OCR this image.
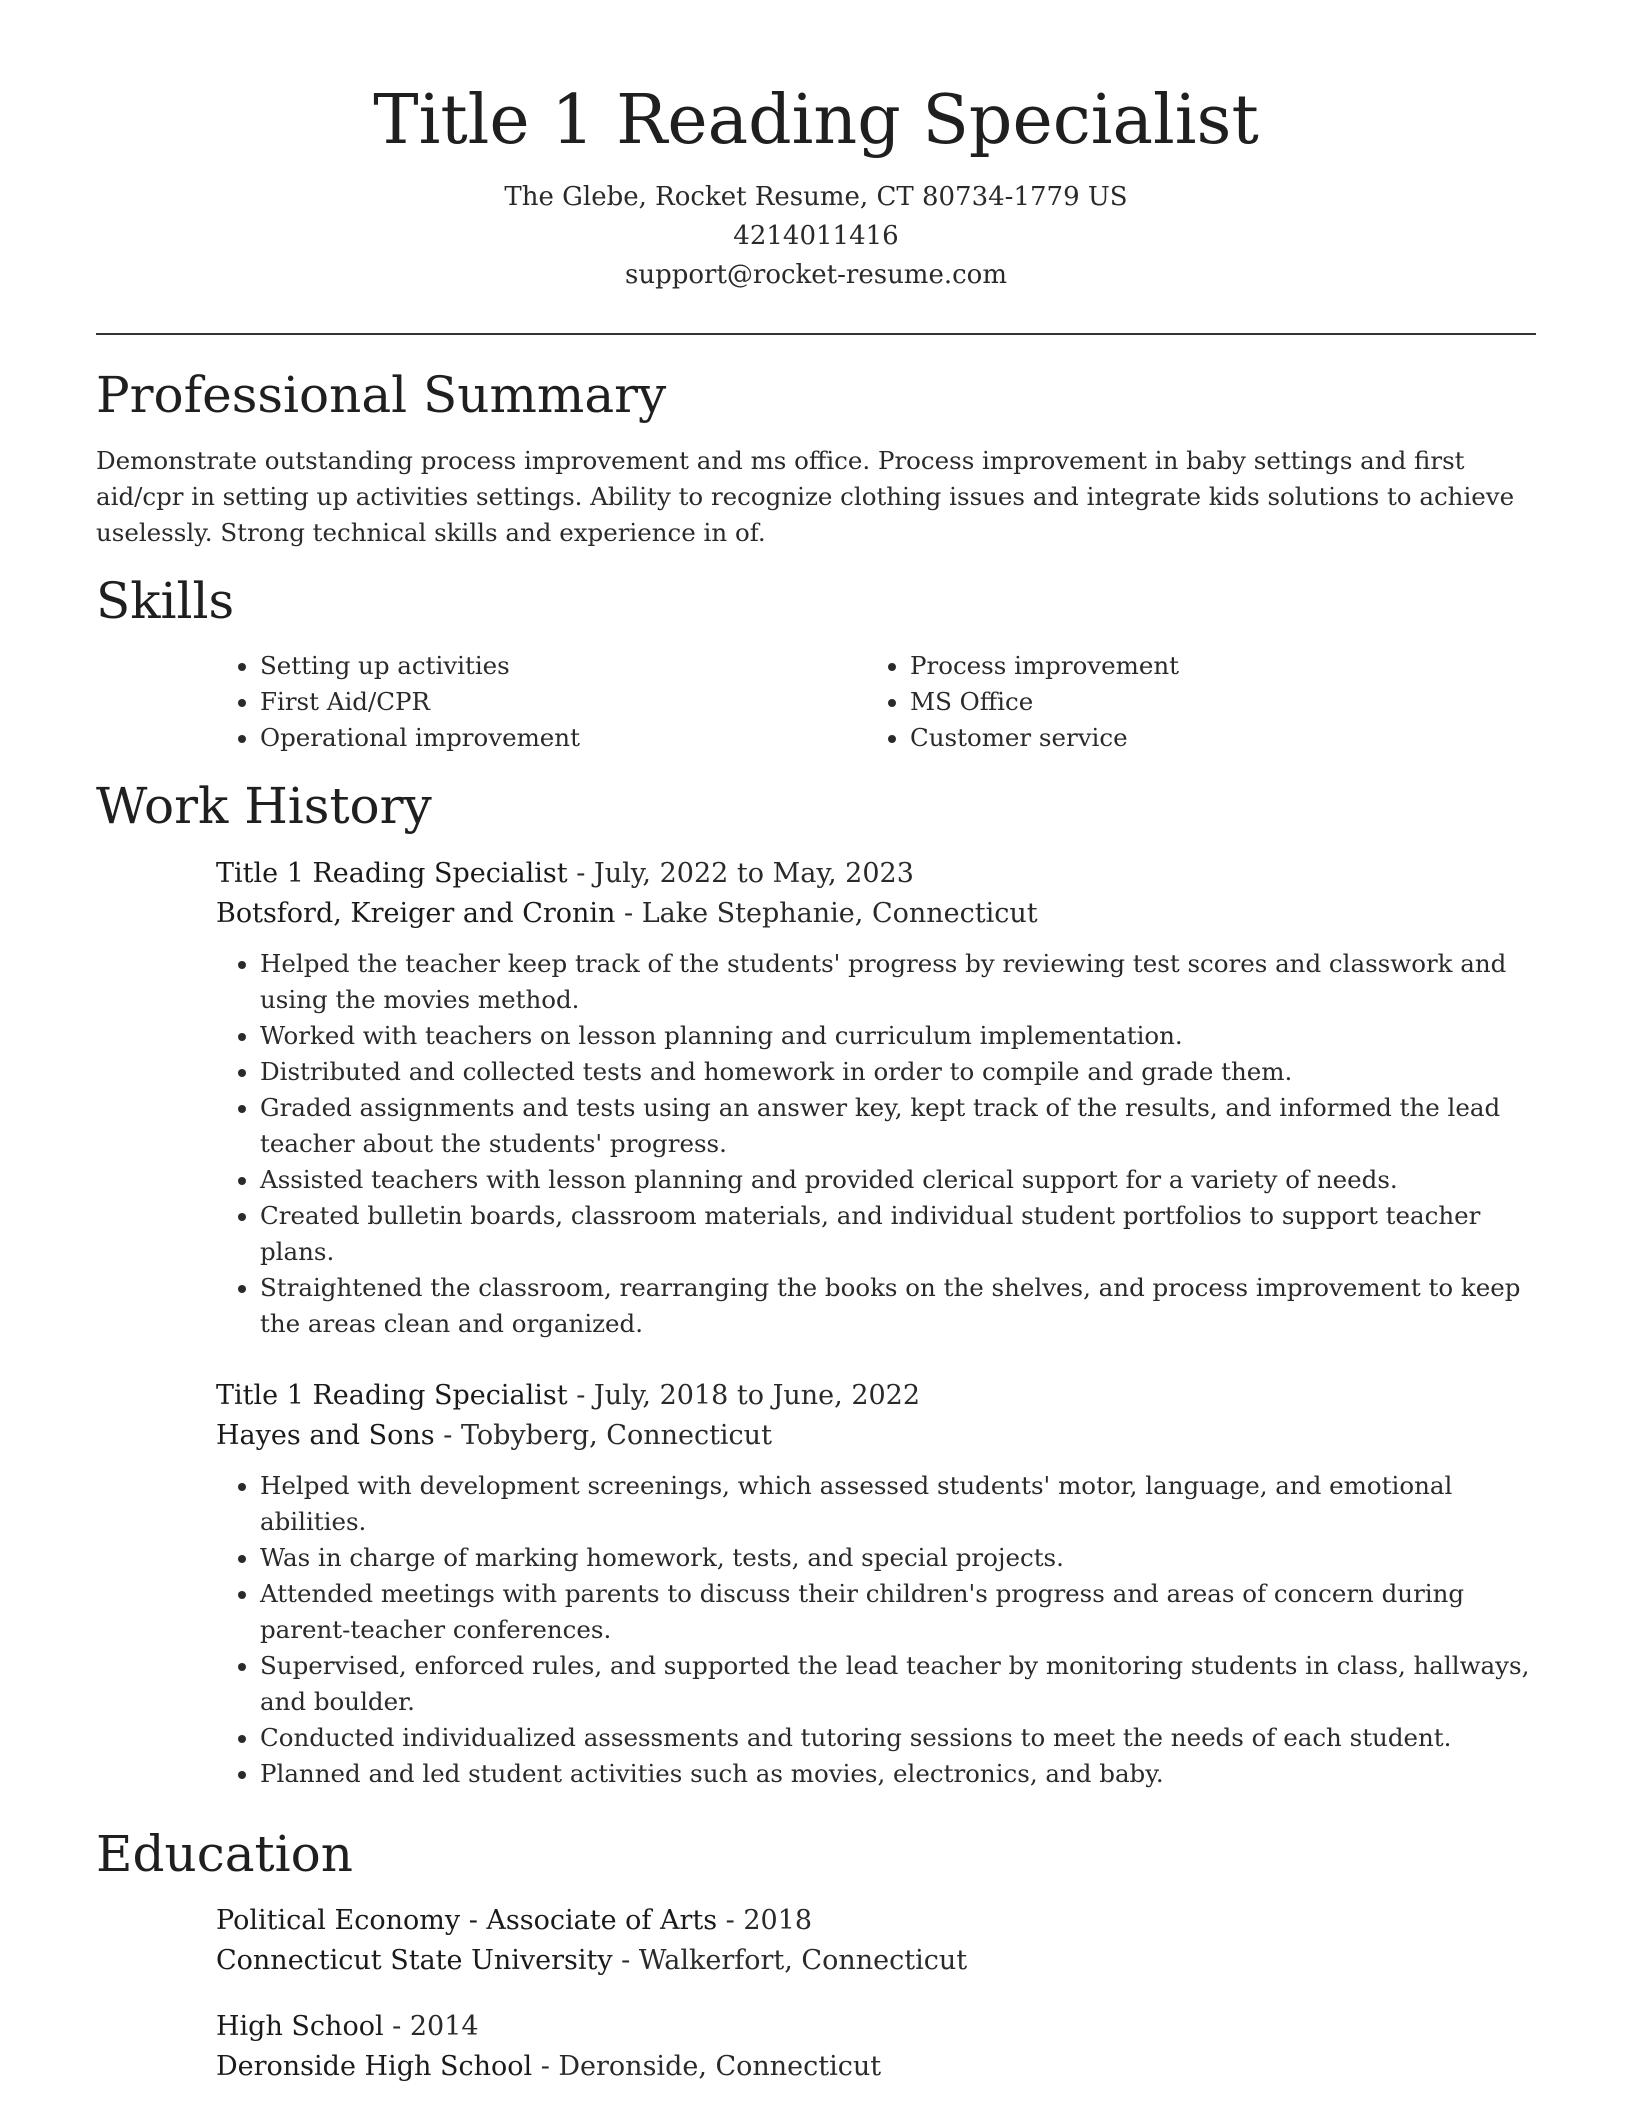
Title 1 Reading Specialist
The Glebe, Rocket Resume, CT 80734-1779 US
4214011416
support@rocket-resume.com
Professional Summary

Demonstrate outstanding process improvement and ms office. Process improvement in baby settings and first aid/cpr in setting up activities settings. Ability to recognize clothing issues and integrate kids solutions to achieve uselessly. Strong technical skills and experience in of.

Skills
• Setting up activities
• First Aid/CPR
• Operational improvement
• Process improvement
• MS Office
• Customer service
Work History
Title 1 Reading Specialist - July, 2022 to May, 2023
Botsford, Kreiger and Cronin - Lake Stephanie, Connecticut
• Helped the teacher keep track of the students' progress by reviewing test scores and classwork and using the movies method.
• Worked with teachers on lesson planning and curriculum implementation.
• Distributed and collected tests and homework in order to compile and grade them.
• Graded assignments and tests using an answer key, kept track of the results, and informed the lead teacher about the students' progress.
• Assisted teachers with lesson planning and provided clerical support for a variety of needs.
• Created bulletin boards, classroom materials, and individual student portfolios to support teacher plans.
• Straightened the classroom, rearranging the books on the shelves, and process improvement to keep the areas clean and organized.
Title 1 Reading Specialist - July, 2018 to June, 2022
Hayes and Sons - Tobyberg, Connecticut
• Helped with development screenings, which assessed students' motor, language, and emotional abilities.
• Was in charge of marking homework, tests, and special projects.
• Attended meetings with parents to discuss their children's progress and areas of concern during parent-teacher conferences.
• Supervised, enforced rules, and supported the lead teacher by monitoring students in class, hallways, and boulder.
• Conducted individualized assessments and tutoring sessions to meet the needs of each student.
• Planned and led student activities such as movies, electronics, and baby.
Education
Political Economy - Associate of Arts - 2018
Connecticut State University - Walkerfort, Connecticut
High School - 2014
Deronside High School - Deronside, Connecticut
